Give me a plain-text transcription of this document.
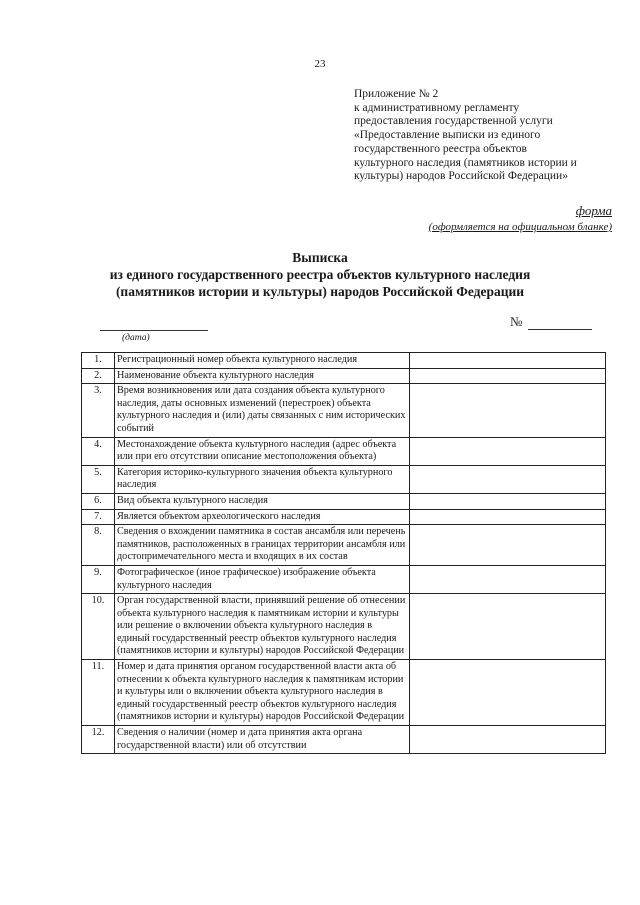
23
Приложение № 2
к административному регламенту
предоставления государственной услуги
«Предоставление выписки из единого
государственного реестра объектов
культурного наследия (памятников истории и
культуры) народов Российской Федерации»
форма
(оформляется на официальном бланке)
Выписка
из единого государственного реестра объектов культурного наследия
(памятников истории и культуры) народов Российской Федерации
(дата)
№
1.	Регистрационный номер объекта культурного наследия	
2.	Наименование объекта культурного наследия	
3.	Время возникновения или дата создания объекта культурного наследия, даты основных изменений (перестроек) объекта культурного наследия и (или) даты связанных с ним исторических событий	
4.	Местонахождение объекта культурного наследия (адрес объекта или при его отсутствии описание местоположения объекта)	
5.	Категория историко-культурного значения объекта культурного наследия	
6.	Вид объекта культурного наследия	
7.	Является объектом археологического наследия	
8.	Сведения о вхождении памятника в состав ансамбля или перечень памятников, расположенных в границах территории ансамбля или достопримечательного места и входящих в их состав	
9.	Фотографическое (иное графическое) изображение объекта культурного наследия	
10.	Орган государственной власти, принявший решение об отнесении объекта культурного наследия к памятникам истории и культуры или решение о включении объекта культурного наследия в единый государственный реестр объектов культурного наследия (памятников истории и культуры) народов Российской Федерации	
11.	Номер и дата принятия органом государственной власти акта об отнесении к объекта культурного наследия к памятникам истории и культуры или о включении объекта культурного наследия в единый государственный реестр объектов культурного наследия (памятников истории и культуры) народов Российской Федерации	
12.	Сведения о наличии (номер и дата принятия акта органа государственной власти) или об отсутствии	
